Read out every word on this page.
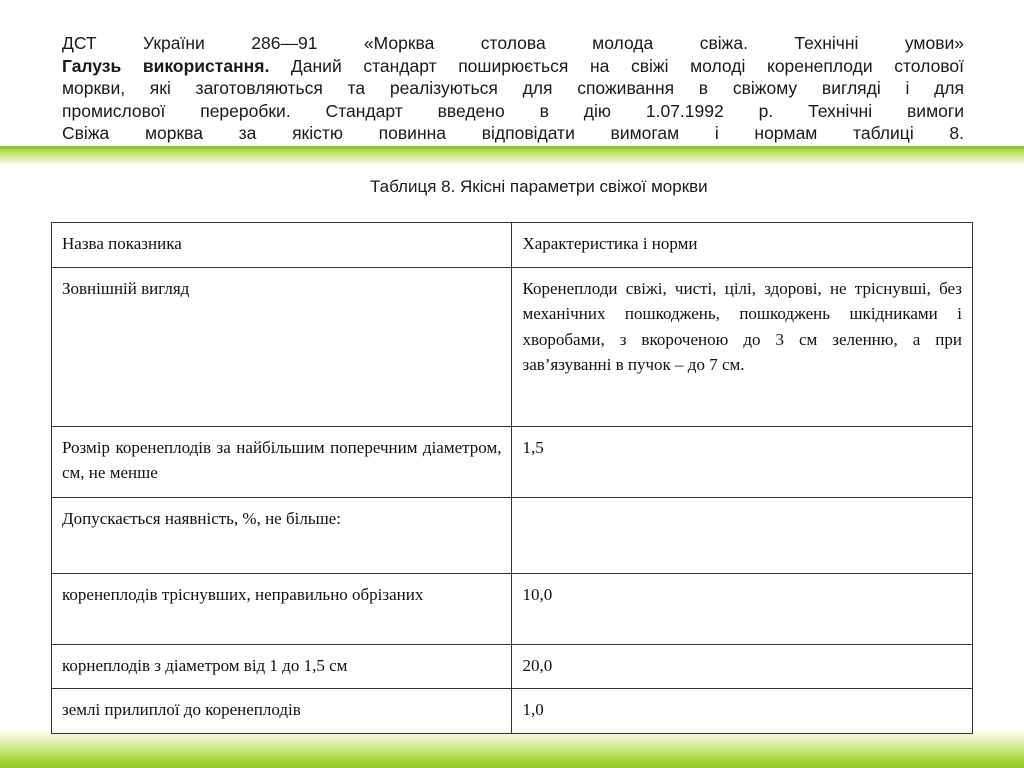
ДСТ України 286—91 «Морква столова молода свіжа. Технічні умови»
Галузь використання. Даний стандарт поширюється на свіжі молоді коренеплоди столової
моркви, які заготовляються та реалізуються для споживання в свіжому вигляді і для
промислової переробки. Стандарт введено в дію 1.07.1992 р. Технічні вимоги
Свіжа морква за якістю повинна відповідати вимогам і нормам таблиці 8.
Таблиця 8. Якісні параметри свіжої моркви
Назва показника	Характеристика і норми
Зовнішній вигляд	Коренеплоди свіжі, чисті, цілі, здорові, не тріснувші, без механічних пошкоджень, пошкоджень шкідниками і хворобами, з вкороченою до 3 см зеленню, а при зав’язуванні в пучок – до 7 см.
Розмір коренеплодів за найбільшим поперечним діаметром, см, не менше	1,5
Допускається наявність, %, не більше:	
коренеплодів тріснувших, неправильно обрізаних	10,0
корнеплодів з діаметром від 1 до 1,5 см	20,0
землі прилиплої до коренеплодів	1,0
